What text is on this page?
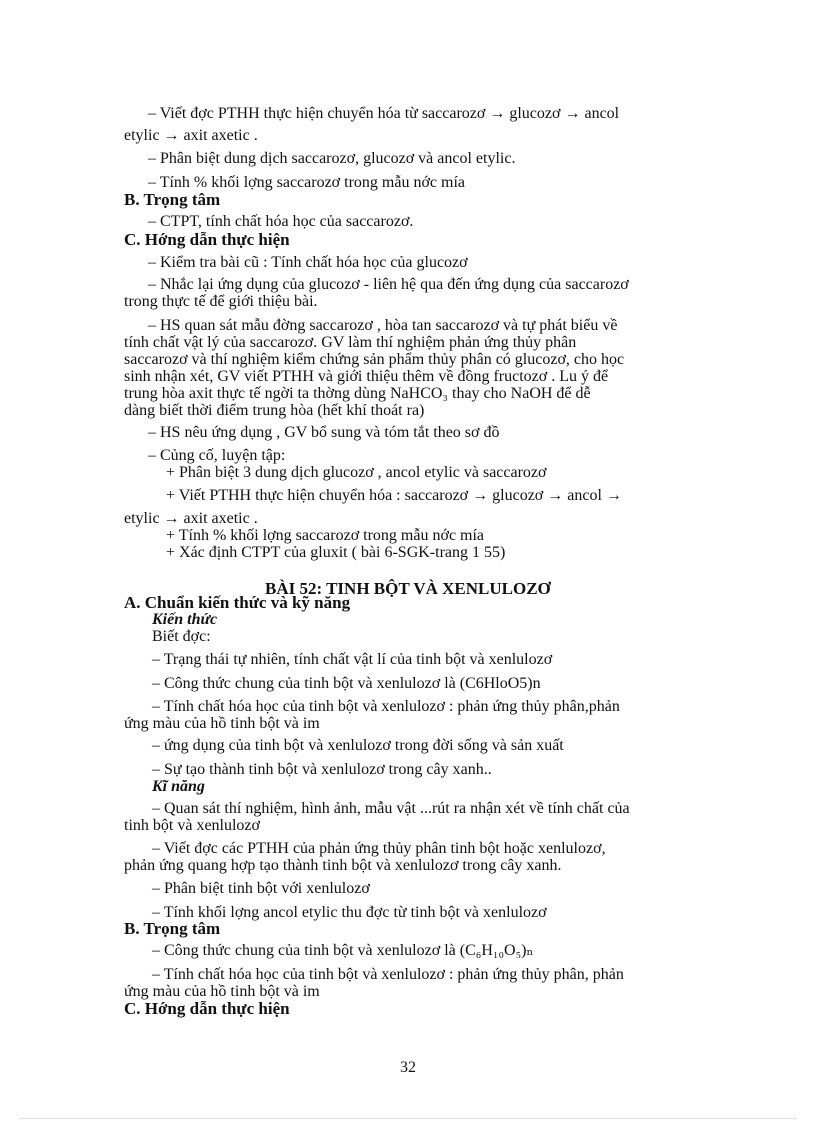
– Viết đợc PTHH thực hiện chuyển hóa từ saccarozơ → glucozơ → ancol
etylic → axit axetic .
– Phân biệt dung dịch saccarozơ, glucozơ và ancol etylic.
– Tính % khối lợng saccarozơ trong mẫu nớc mía
B. Trọng tâm
– CTPT, tính chất hóa học của saccarozơ.
C. Hớng dẫn thực hiện
– Kiểm tra bài cũ : Tính chất hóa học của glucozơ
– Nhắc lại ứng dụng của glucozơ - liên hệ qua đến ứng dụng của saccarozơ
trong thực tế để giới thiệu bài.
– HS quan sát mẫu đờng saccarozơ , hòa tan saccarozơ và tự phát biểu về
tính chất vật lý của saccarozơ. GV làm thí nghiệm phản ứng thủy phân
saccarozơ và thí nghiệm kiểm chứng sản phẩm thủy phân có glucozơ, cho học
sinh nhận xét, GV viết PTHH và giới thiệu thêm về đồng fructozơ . Lu ý để
trung hòa axit thực tế ngời ta thờng dùng NaHCO₃ thay cho NaOH để dễ
dàng biết thời điểm trung hòa (hết khí thoát ra)
– HS nêu ứng dụng , GV bổ sung và tóm tắt theo sơ đồ
– Củng cố, luyện tập:
+ Phân biệt 3 dung dịch glucozơ , ancol etylic và saccarozơ
+ Viết PTHH thực hiện chuyển hóa : saccarozơ → glucozơ → ancol →
etylic → axit axetic .
+ Tính % khối lợng saccarozơ trong mẫu nớc mía
+ Xác định CTPT của gluxit ( bài 6-SGK-trang 1 55)
BÀI 52: TINH BỘT VÀ XENLULOZƠ
A. Chuẩn kiến thức và kỹ năng
Kiến thức
Biết đợc:
– Trạng thái tự nhiên, tính chất vật lí của tinh bột và xenlulozơ
– Công thức chung của tinh bột và xenlulozơ là (C6HloO5)n
– Tính chất hóa học của tinh bột và xenlulozơ : phản ứng thủy phân,phản
ứng màu của hồ tinh bột và im
– ứng dụng của tinh bột và xenlulozơ trong đời sống và sản xuất
– Sự tạo thành tinh bột và xenlulozơ trong cây xanh..
Kĩ năng
– Quan sát thí nghiệm, hình ảnh, mẫu vật ...rút ra nhận xét về tính chất của
tinh bột và xenlulozơ
– Viết đợc các PTHH của phản ứng thủy phân tinh bột hoặc xenlulozơ,
phản ứng quang hợp tạo thành tinh bột và xenlulozơ trong cây xanh.
– Phân biệt tinh bột với xenlulozơ
– Tính khối lợng ancol etylic thu đợc từ tinh bột và xenlulozơ
B. Trọng tâm
– Công thức chung của tinh bột và xenlulozơ là (C₆H₁₀O₅)ₙ
– Tính chất hóa học của tinh bột và xenlulozơ : phản ứng thủy phân, phản
ứng màu của hồ tinh bột và im
C. Hớng dẫn thực hiện
32
